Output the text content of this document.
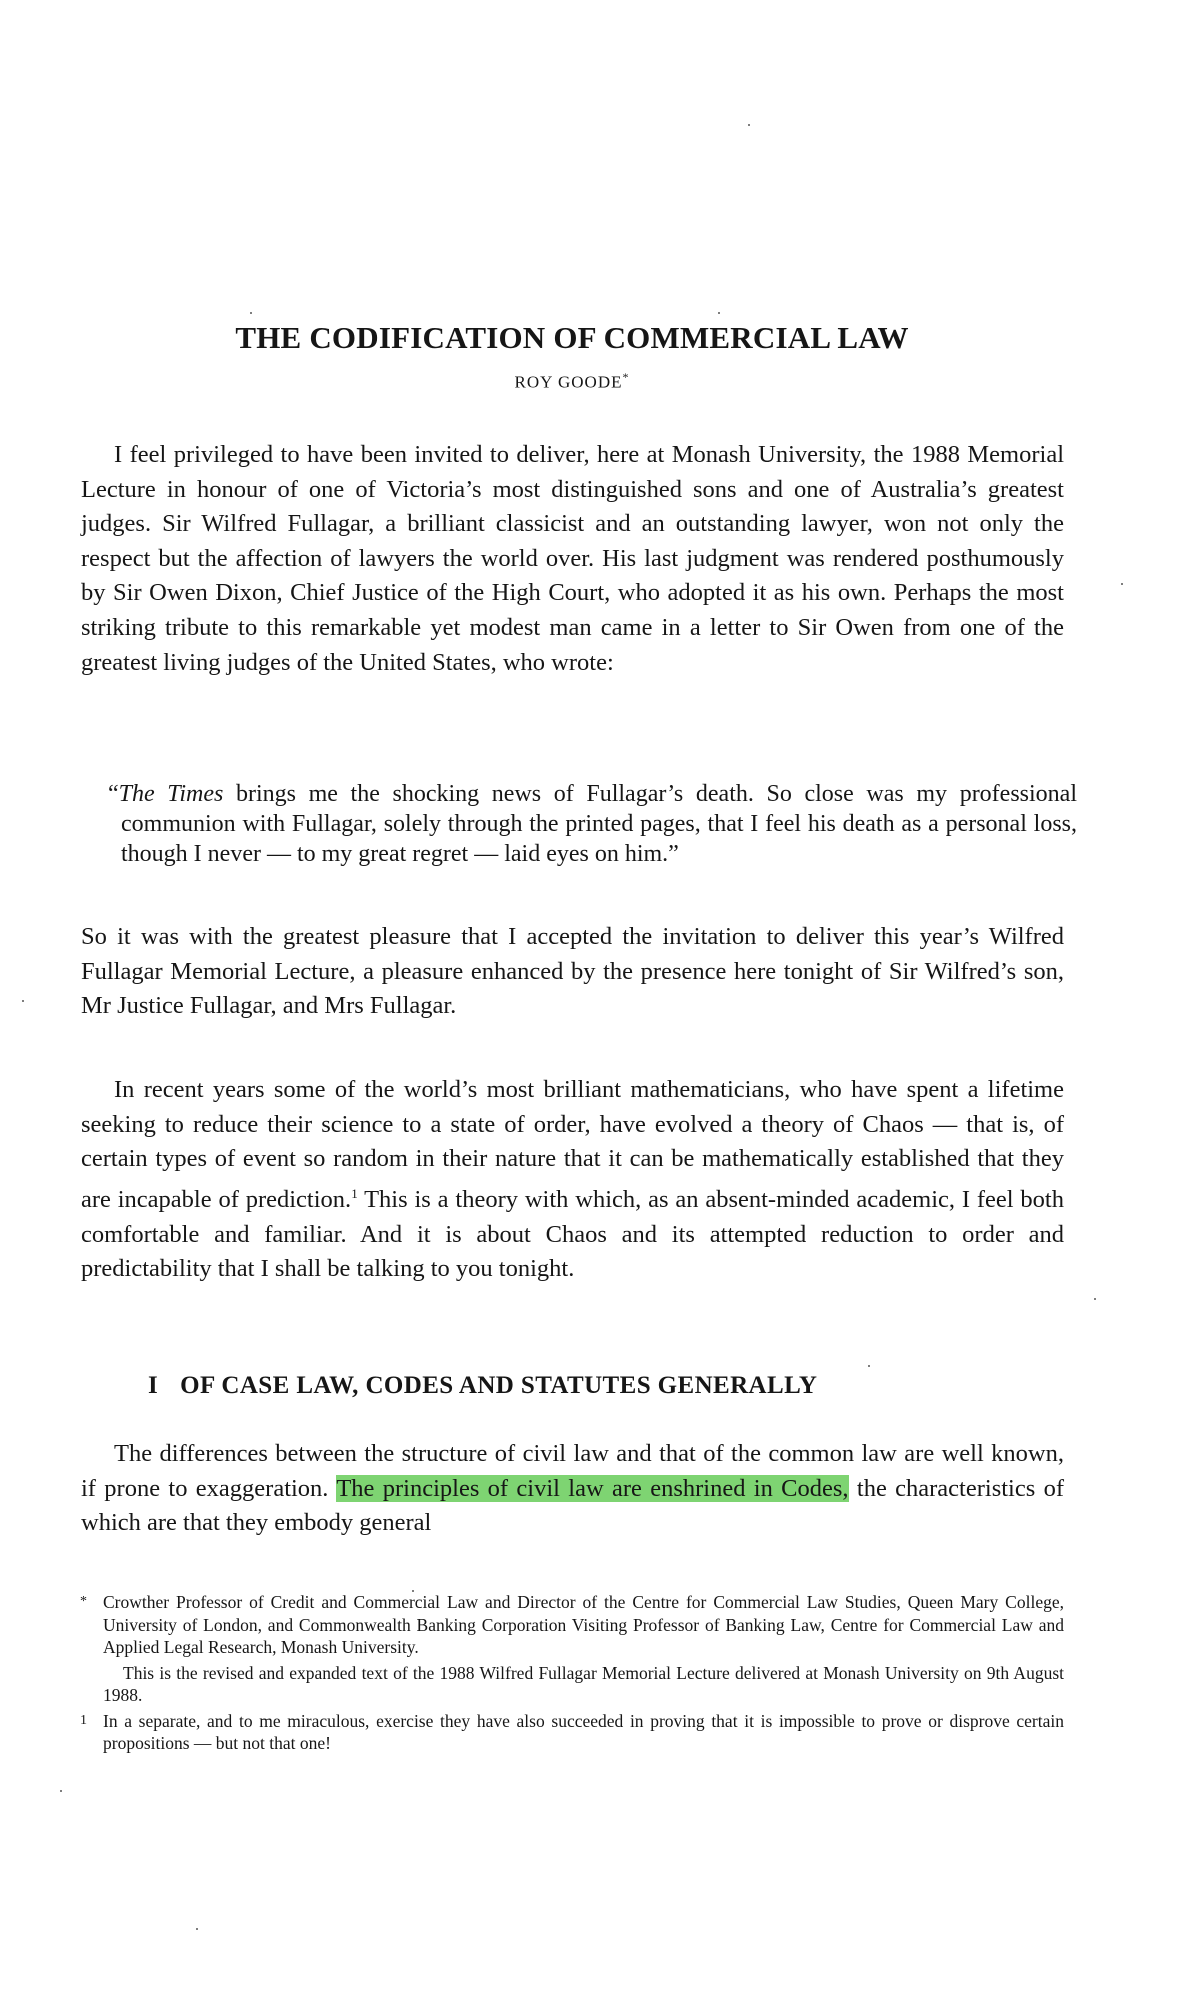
THE CODIFICATION OF COMMERCIAL LAW

ROY GOODE*

I feel privileged to have been invited to deliver, here at Monash University, the 1988 Memorial Lecture in honour of one of Victoria’s most distinguished sons and one of Australia’s greatest judges. Sir Wilfred Fullagar, a brilliant classicist and an outstanding lawyer, won not only the respect but the affection of lawyers the world over. His last judgment was rendered posthumously by Sir Owen Dixon, Chief Justice of the High Court, who adopted it as his own. Perhaps the most striking tribute to this remarkable yet modest man came in a letter to Sir Owen from one of the greatest living judges of the United States, who wrote:

“The Times brings me the shocking news of Fullagar’s death. So close was my professional communion with Fullagar, solely through the printed pages, that I feel his death as a personal loss, though I never — to my great regret — laid eyes on him.”

So it was with the greatest pleasure that I accepted the invitation to deliver this year’s Wilfred Fullagar Memorial Lecture, a pleasure enhanced by the presence here tonight of Sir Wilfred’s son, Mr Justice Fullagar, and Mrs Fullagar.

In recent years some of the world’s most brilliant mathematicians, who have spent a lifetime seeking to reduce their science to a state of order, have evolved a theory of Chaos — that is, of certain types of event so random in their nature that it can be mathematically established that they are incapable of prediction.$^1$ This is a theory with which, as an absent-minded academic, I feel both comfortable and familiar. And it is about Chaos and its attempted reduction to order and predictability that I shall be talking to you tonight.

I OF CASE LAW, CODES AND STATUTES GENERALLY

The differences between the structure of civil law and that of the common law are well known, if prone to exaggeration. The principles of civil law are enshrined in Codes, the characteristics of which are that they embody general

* Crowther Professor of Credit and Commercial Law and Director of the Centre for Commercial Law Studies, Queen Mary College, University of London, and Commonwealth Banking Corporation Visiting Professor of Banking Law, Centre for Commercial Law and Applied Legal Research, Monash University.

This is the revised and expanded text of the 1988 Wilfred Fullagar Memorial Lecture delivered at Monash University on 9th August 1988.

1 In a separate, and to me miraculous, exercise they have also succeeded in proving that it is impossible to prove or disprove certain propositions — but not that one!
